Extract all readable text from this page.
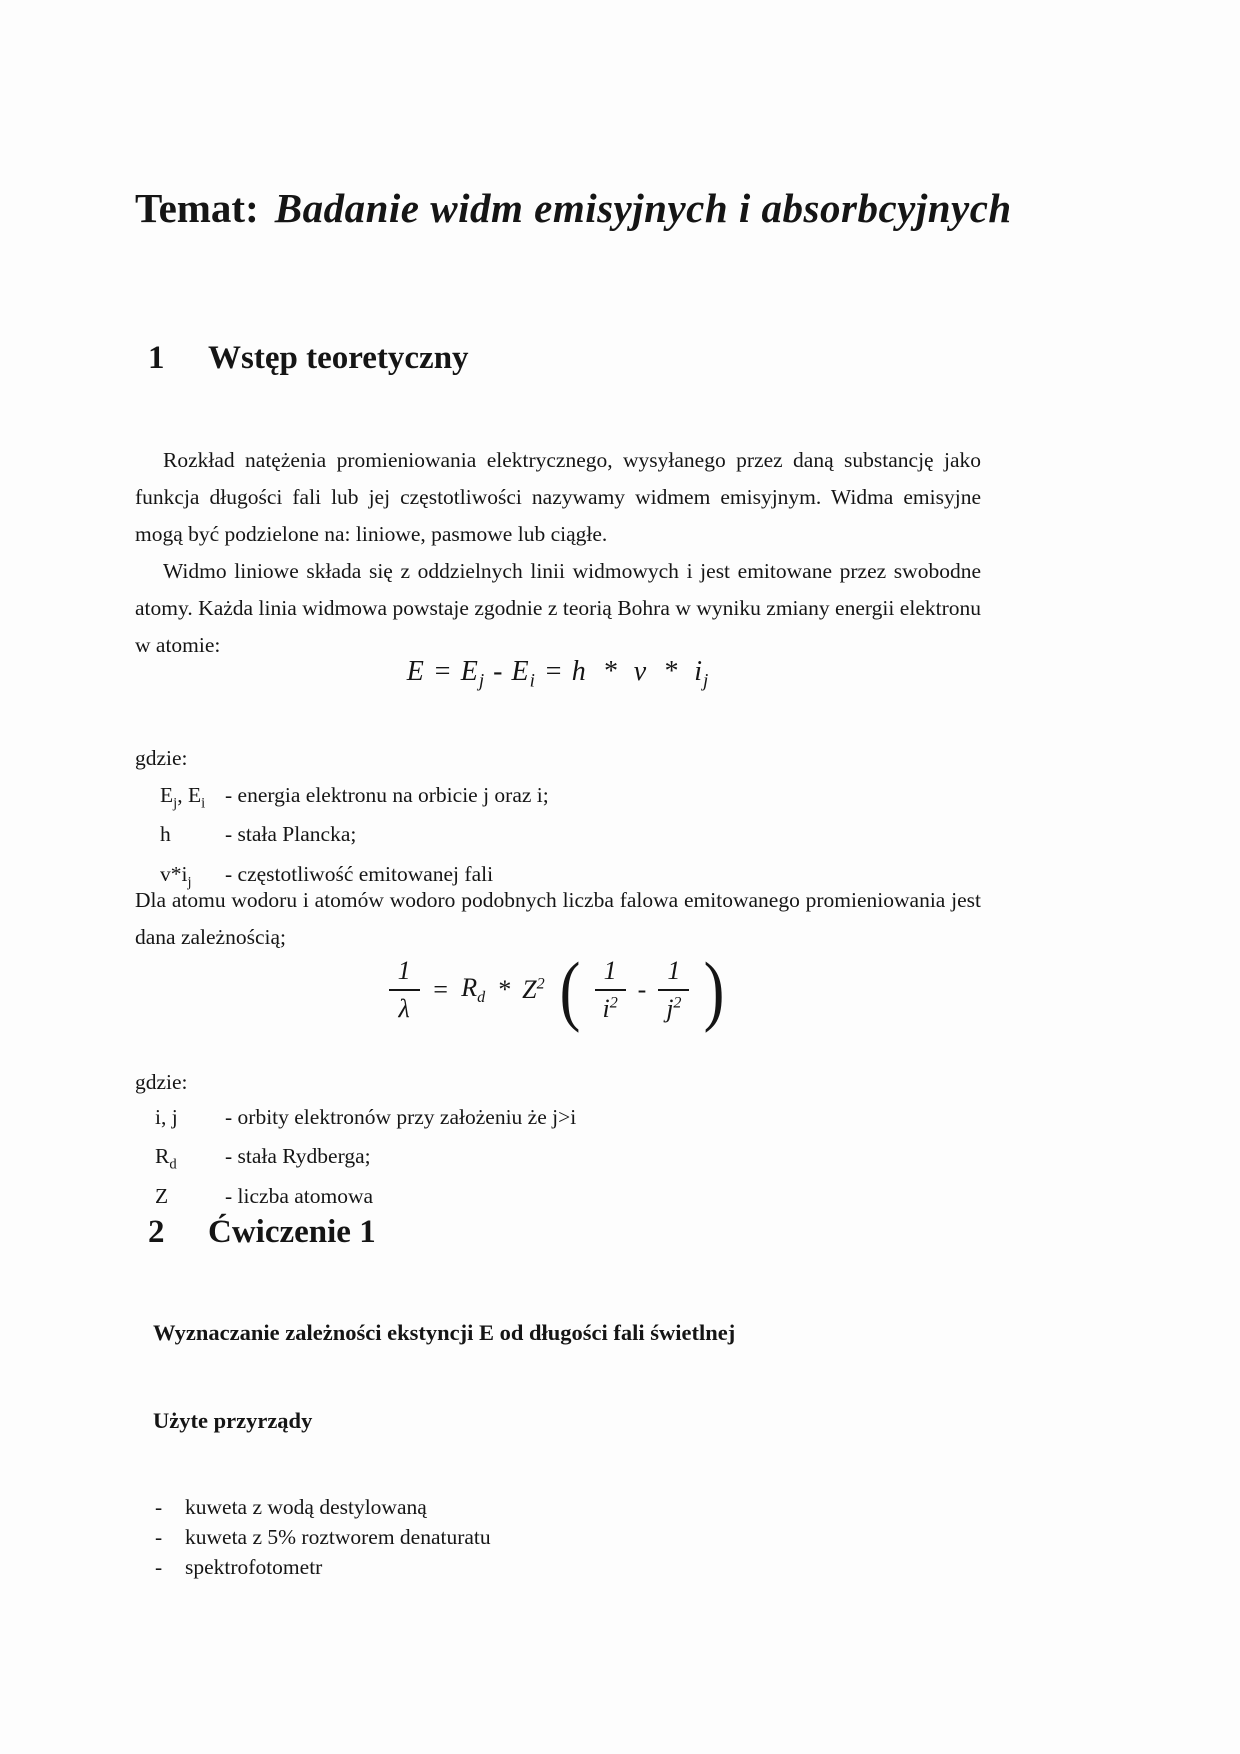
Temat: Badanie widm emisyjnych i absorbcyjnych
1 Wstęp teoretyczny

Rozkład natężenia promieniowania elektrycznego, wysyłanego przez daną substancję jako funkcja długości fali lub jej częstotliwości nazywamy widmem emisyjnym. Widma emisyjne mogą być podzielone na: liniowe, pasmowe lub ciągłe.

Widmo liniowe składa się z oddzielnych linii widmowych i jest emitowane przez swobodne atomy. Każda linia widmowa powstaje zgodnie z teorią Bohra w wyniku zmiany energii elektronu w atomie:

$E = E_j - E_i = h * v * i_j$
gdzie:
$E_j$, $E_i$ - energia elektronu na orbicie j oraz i;
h	- stała Plancka;
$v*i_j$	- częstotliwość emitowanej fali

Dla atomu wodoru i atomów wodoro podobnych liczba falowa emitowanego promieniowania jest dana zależnością;

$\frac{1}{\lambda} = R_d * Z^2$ ( $\frac{1}{i^2} - \frac{1}{j^2}$ )
gdzie:
i, j	- orbity elektronów przy założeniu że j>i
$R_d$	- stała Rydberga;
Z	- liczba atomowa
2 Ćwiczenie 1
Wyznaczanie zależności ekstyncji E od długości fali świetlnej
Użyte przyrządy
-	kuweta z wodą destylowaną
-	kuweta z 5% roztworem denaturatu
-	spektrofotometr
